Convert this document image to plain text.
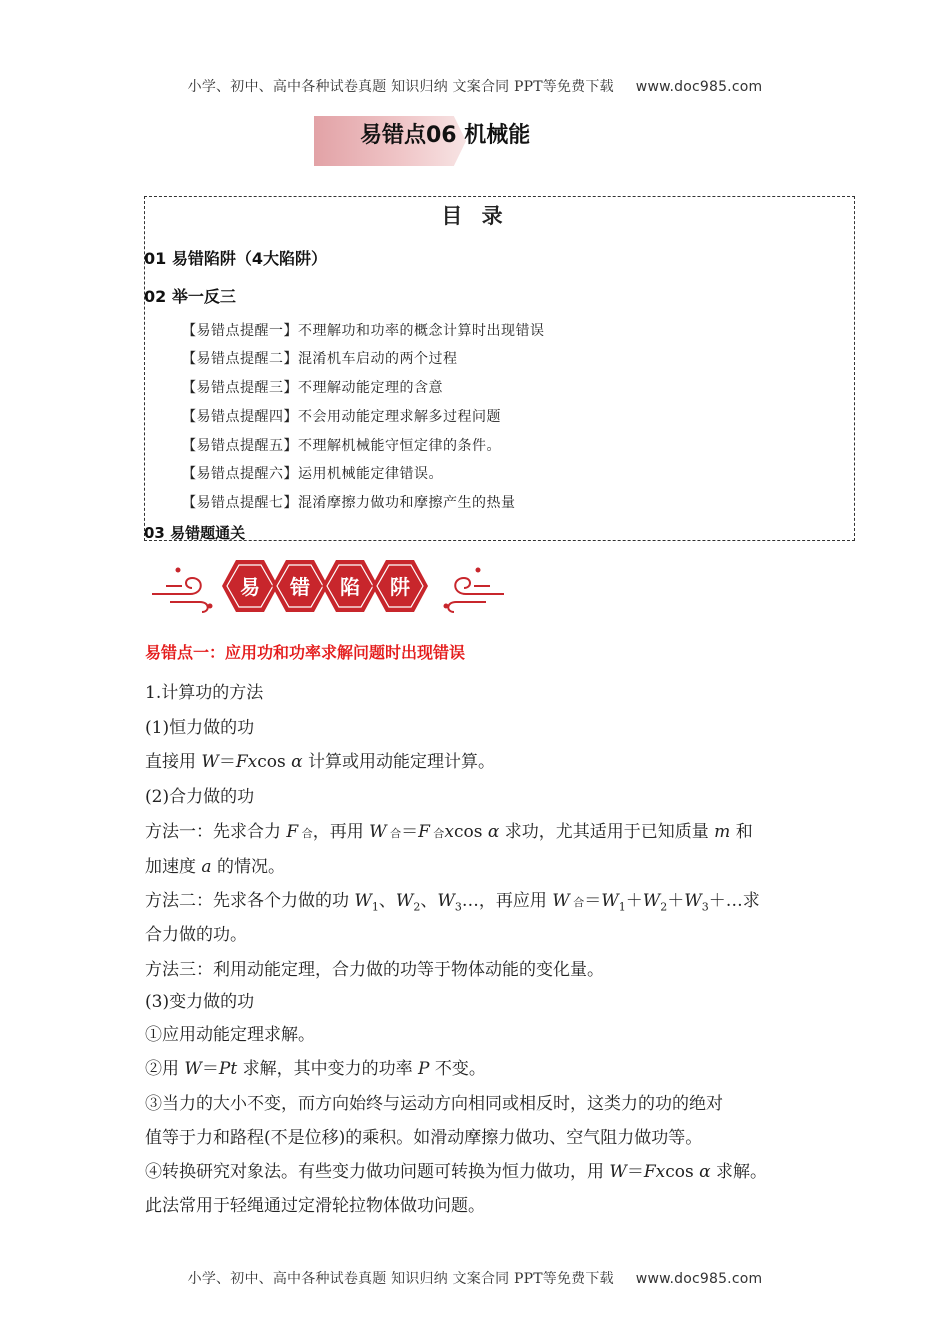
小学、初中、高中各种试卷真题 知识归纳 文案合同 PPT等免费下载 www.doc985.com
易错点06 机械能
目 录
01 易错陷阱（4大陷阱）
02 举一反三
【易错点提醒一】不理解功和功率的概念计算时出现错误
【易错点提醒二】混淆机车启动的两个过程
【易错点提醒三】不理解动能定理的含意
【易错点提醒四】不会用动能定理求解多过程问题
【易错点提醒五】不理解机械能守恒定律的条件。
【易错点提醒六】运用机械能定律错误。
【易错点提醒七】混淆摩擦力做功和摩擦产生的热量
03 易错题通关
易 错 陷 阱
易错点一：应用功和功率求解问题时出现错误
1.计算功的方法
(1)恒力做的功
直接用 W＝Fxcos α 计算或用动能定理计算。
(2)合力做的功
方法一：先求合力 F 合，再用 W 合＝F 合xcos α 求功，尤其适用于已知质量 m 和
加速度 a 的情况。
方法二：先求各个力做的功 $W_1$、$W_2$、$W_3\dots$，再应用 W 合$=W_1+W_2+W_3+\dots$求
合力做的功。
方法三：利用动能定理，合力做的功等于物体动能的变化量。
(3)变力做的功
①应用动能定理求解。
②用 W＝Pt 求解，其中变力的功率 P 不变。
③当力的大小不变，而方向始终与运动方向相同或相反时，这类力的功的绝对
值等于力和路程(不是位移)的乘积。如滑动摩擦力做功、空气阻力做功等。
④转换研究对象法。有些变力做功问题可转换为恒力做功，用 W＝Fxcos α 求解。
此法常用于轻绳通过定滑轮拉物体做功问题。
小学、初中、高中各种试卷真题 知识归纳 文案合同 PPT等免费下载 www.doc985.com
